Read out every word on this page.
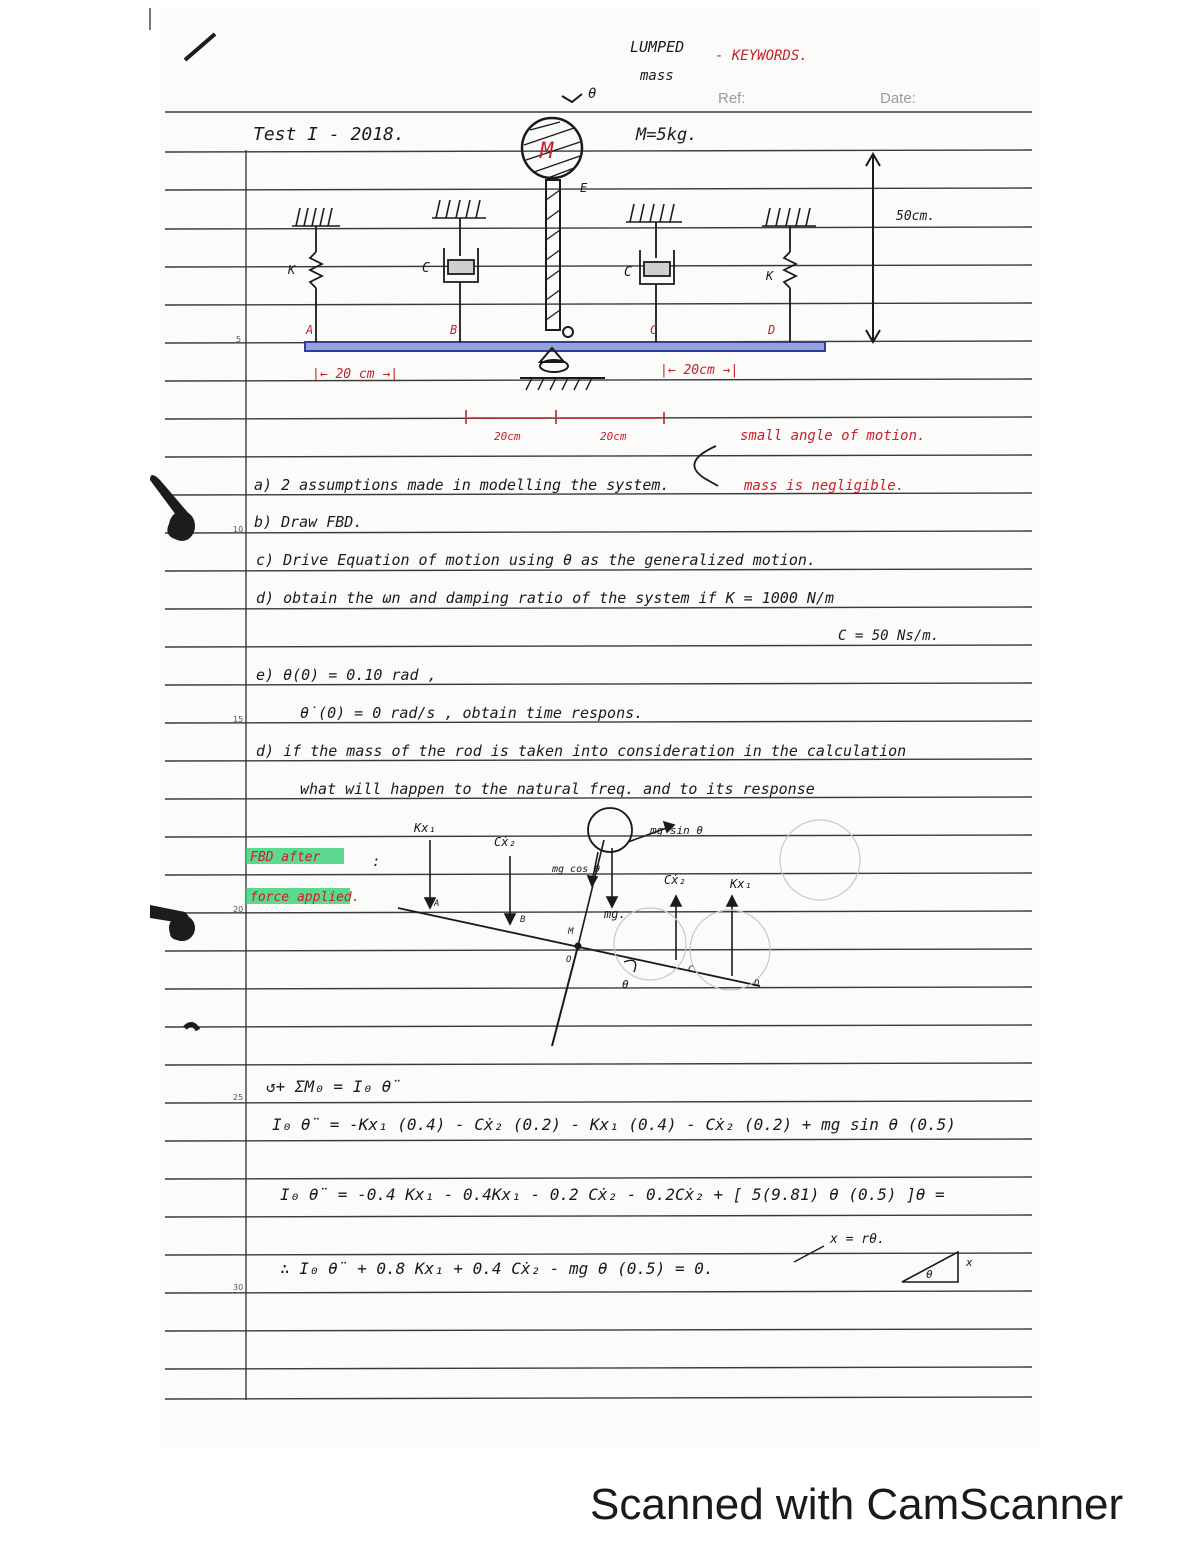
Ref:	Date:
5
10
15
20
25
30
Test I - 2018.
LUMPED
mass
- KEYWORDS.
θ
M=5kg.
M
E
K	C	C	K
A	B	C	D
50cm.
|← 20 cm →|	|← 20cm →|
20cm	20cm	small angle of motion.
mass is negligible.
a) 2 assumptions made in modelling the system.
b) Draw FBD.
c) Drive Equation of motion using θ as the generalized motion.
d) obtain the ωn and damping ratio of the system if K = 1000 N/m
C = 50 Ns/m.
e) θ(0) = 0.10 rad ,
θ̇(0) = 0 rad/s , obtain time respons.
d) if the mass of the rod is taken into consideration in the calculation
what will happen to the natural freq. and to its response
FBD after
force applied.
:
Kx₁
Cẋ₂
mg sin θ
mg cos θ
mg.
Cẋ₂	Kx₁
A
B
M
O
C
D
θ
↺+ ΣM₀ = I₀ θ̈
I₀ θ̈ = -Kx₁ (0.4) - Cẋ₂ (0.2) - Kx₁ (0.4) - Cẋ₂ (0.2) + mg sin θ (0.5)
I₀ θ̈ = -0.4 Kx₁ - 0.4Kx₁ - 0.2 Cẋ₂ - 0.2Cẋ₂ + [ 5(9.81) θ (0.5) ]θ =
x = rθ.
∴ I₀ θ̈ + 0.8 Kx₁ + 0.4 Cẋ₂ - mg θ (0.5) = 0.	θ
x
Scanned with CamScanner
